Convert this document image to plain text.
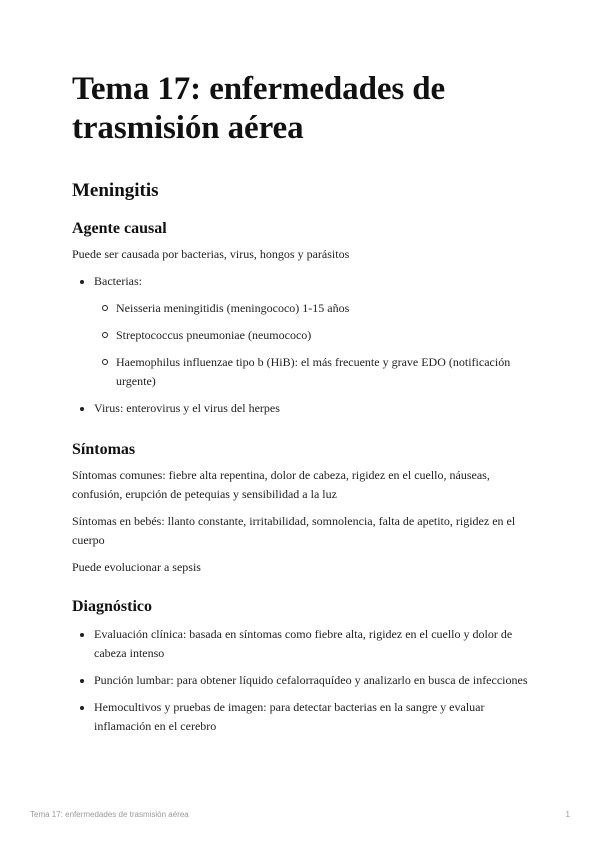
Tema 17: enfermedades de trasmisión aérea
Meningitis
Agente causal

Puede ser causada por bacterias, virus, hongos y parásitos

Bacterias:
Neisseria meningitidis (meningococo) 1-15 años
Streptococcus pneumoniae (neumococo)
Haemophilus influenzae tipo b (HiB): el más frecuente y grave EDO (notificación urgente)
Virus: enterovirus y el virus del herpes
Síntomas

Síntomas comunes: fiebre alta repentina, dolor de cabeza, rigidez en el cuello, náuseas, confusión, erupción de petequias y sensibilidad a la luz

Síntomas en bebés: llanto constante, irritabilidad, somnolencia, falta de apetito, rigidez en el cuerpo

Puede evolucionar a sepsis

Diagnóstico
Evaluación clínica: basada en síntomas como fiebre alta, rigidez en el cuello y dolor de cabeza intenso
Punción lumbar: para obtener líquido cefalorraquídeo y analizarlo en busca de infecciones
Hemocultivos y pruebas de imagen: para detectar bacterias en la sangre y evaluar inflamación en el cerebro
Tema 17: enfermedades de trasmisión aérea	1
